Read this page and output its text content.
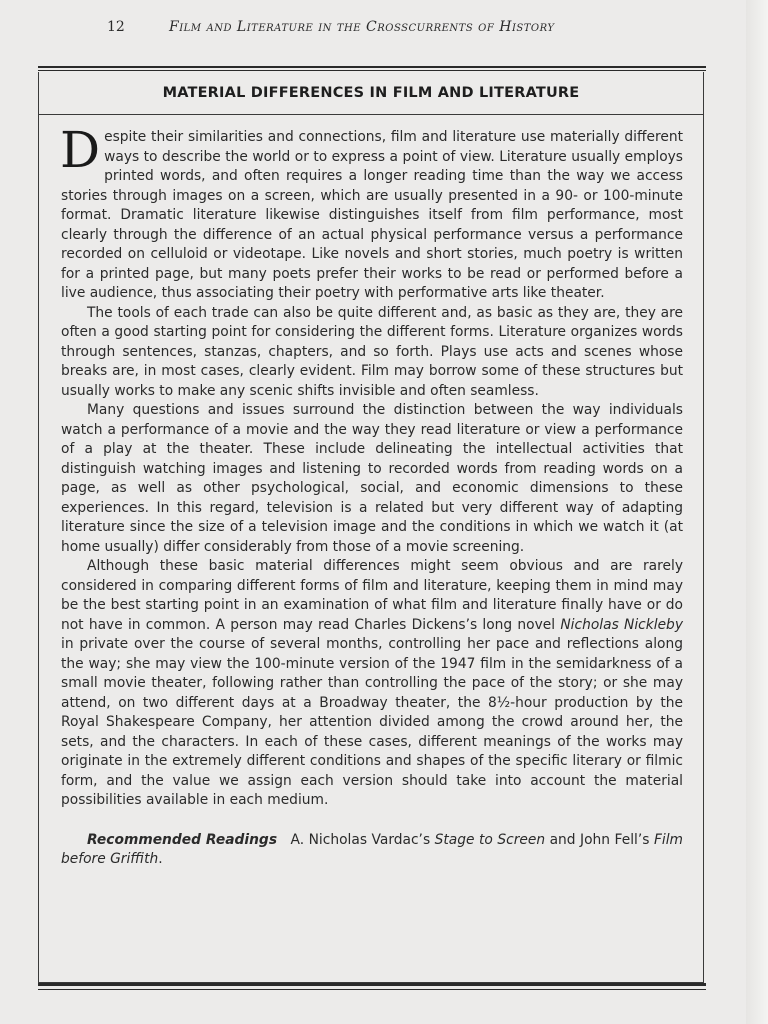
12	Film and Literature in the Crosscurrents of History
MATERIAL DIFFERENCES IN FILM AND LITERATURE

Despite their similarities and connections, film and literature use materially different ways to describe the world or to express a point of view. Literature usually employs printed words, and often requires a longer reading time than the way we access stories through images on a screen, which are usually presented in a 90- or 100-minute format. Dramatic literature likewise distinguishes itself from film performance, most clearly through the difference of an actual physical performance versus a performance recorded on celluloid or videotape. Like novels and short stories, much poetry is written for a printed page, but many poets prefer their works to be read or performed before a live audience, thus associating their poetry with performative arts like theater.

The tools of each trade can also be quite different and, as basic as they are, they are often a good starting point for considering the different forms. Literature organizes words through sentences, stanzas, chapters, and so forth. Plays use acts and scenes whose breaks are, in most cases, clearly evident. Film may borrow some of these structures but usually works to make any scenic shifts invisible and often seamless.

Many questions and issues surround the distinction between the way individuals watch a performance of a movie and the way they read literature or view a performance of a play at the theater. These include delineating the intellectual activities that distinguish watching images and listening to recorded words from reading words on a page, as well as other psychological, social, and economic dimensions to these experiences. In this regard, television is a related but very different way of adapting literature since the size of a television image and the conditions in which we watch it (at home usually) differ considerably from those of a movie screening.

Although these basic material differences might seem obvious and are rarely considered in comparing different forms of film and literature, keeping them in mind may be the best starting point in an examination of what film and literature finally have or do not have in common. A person may read Charles Dickens’s long novel Nicholas Nickleby in private over the course of several months, controlling her pace and reflections along the way; she may view the 100-minute version of the 1947 film in the semidarkness of a small movie theater, following rather than controlling the pace of the story; or she may attend, on two different days at a Broadway theater, the 8½-hour production by the Royal Shakespeare Company, her attention divided among the crowd around her, the sets, and the characters. In each of these cases, different meanings of the works may originate in the extremely different conditions and shapes of the specific literary or filmic form, and the value we assign each version should take into account the material possibilities available in each medium.

Recommended Readings A. Nicholas Vardac’s Stage to Screen and John Fell’s Film before Griffith.
